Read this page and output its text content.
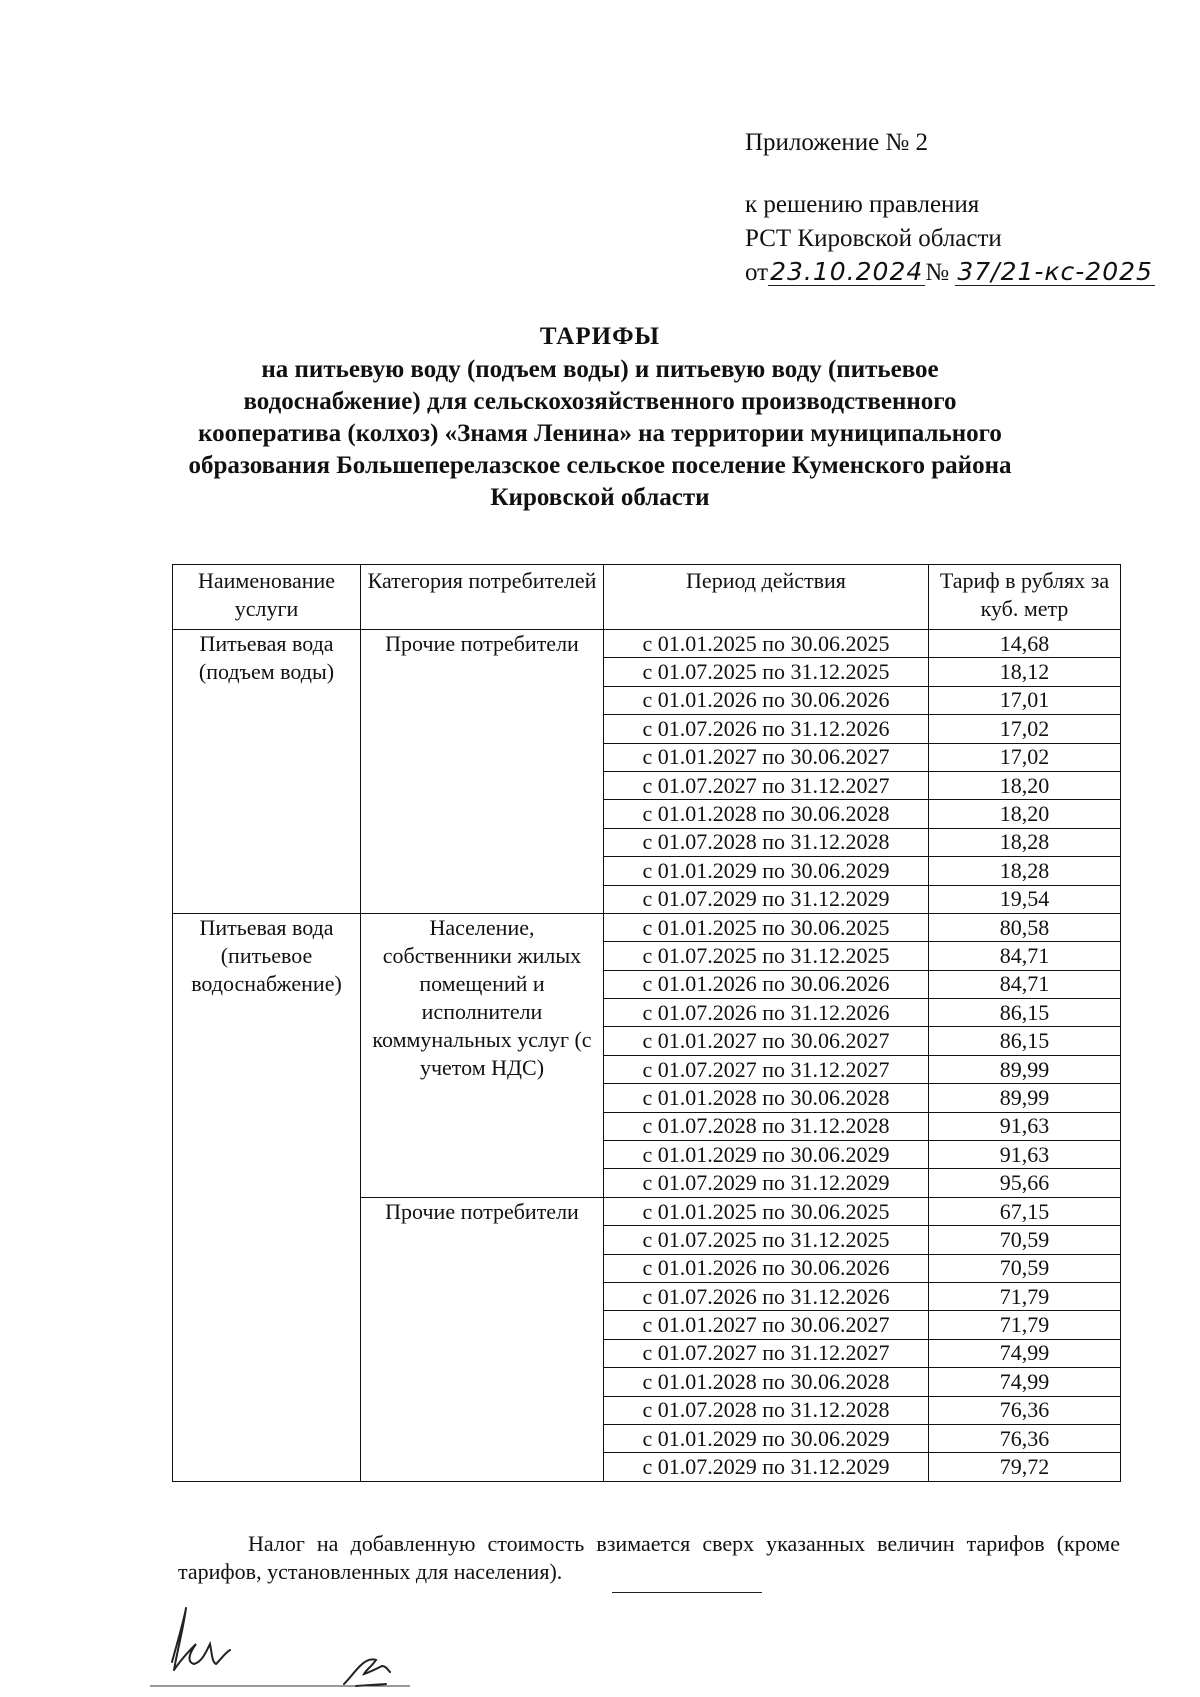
Приложение № 2
к решению правления
РСТ Кировской области
от23.10.2024№ 37/21-кс-2025
ТАРИФЫ
на питьевую воду (подъем воды) и питьевую воду (питьевое
водоснабжение) для сельскохозяйственного производственного
кооператива (колхоз) «Знамя Ленина» на территории муниципального
образования Большеперелазское сельское поселение Куменского района
Кировской области
Наименование услуги	Категория потребителей	Период действия	Тариф в рублях за куб. метр
Питьевая вода (подъем воды)	Прочие потребители	с 01.01.2025 по 30.06.2025	14,68
		с 01.07.2025 по 31.12.2025	18,12
		с 01.01.2026 по 30.06.2026	17,01
		с 01.07.2026 по 31.12.2026	17,02
		с 01.01.2027 по 30.06.2027	17,02
		с 01.07.2027 по 31.12.2027	18,20
		с 01.01.2028 по 30.06.2028	18,20
		с 01.07.2028 по 31.12.2028	18,28
		с 01.01.2029 по 30.06.2029	18,28
		с 01.07.2029 по 31.12.2029	19,54
Питьевая вода (питьевое водоснабжение)	Население, собственники жилых помещений и исполнители коммунальных услуг (с учетом НДС)	с 01.01.2025 по 30.06.2025	80,58
		с 01.07.2025 по 31.12.2025	84,71
		с 01.01.2026 по 30.06.2026	84,71
		с 01.07.2026 по 31.12.2026	86,15
		с 01.01.2027 по 30.06.2027	86,15
		с 01.07.2027 по 31.12.2027	89,99
		с 01.01.2028 по 30.06.2028	89,99
		с 01.07.2028 по 31.12.2028	91,63
		с 01.01.2029 по 30.06.2029	91,63
		с 01.07.2029 по 31.12.2029	95,66
	Прочие потребители	с 01.01.2025 по 30.06.2025	67,15
		с 01.07.2025 по 31.12.2025	70,59
		с 01.01.2026 по 30.06.2026	70,59
		с 01.07.2026 по 31.12.2026	71,79
		с 01.01.2027 по 30.06.2027	71,79
		с 01.07.2027 по 31.12.2027	74,99
		с 01.01.2028 по 30.06.2028	74,99
		с 01.07.2028 по 31.12.2028	76,36
		с 01.01.2029 по 30.06.2029	76,36
		с 01.07.2029 по 31.12.2029	79,72
Налог на добавленную стоимость взимается сверх указанных величин тарифов (кроме тарифов, установленных для населения).
